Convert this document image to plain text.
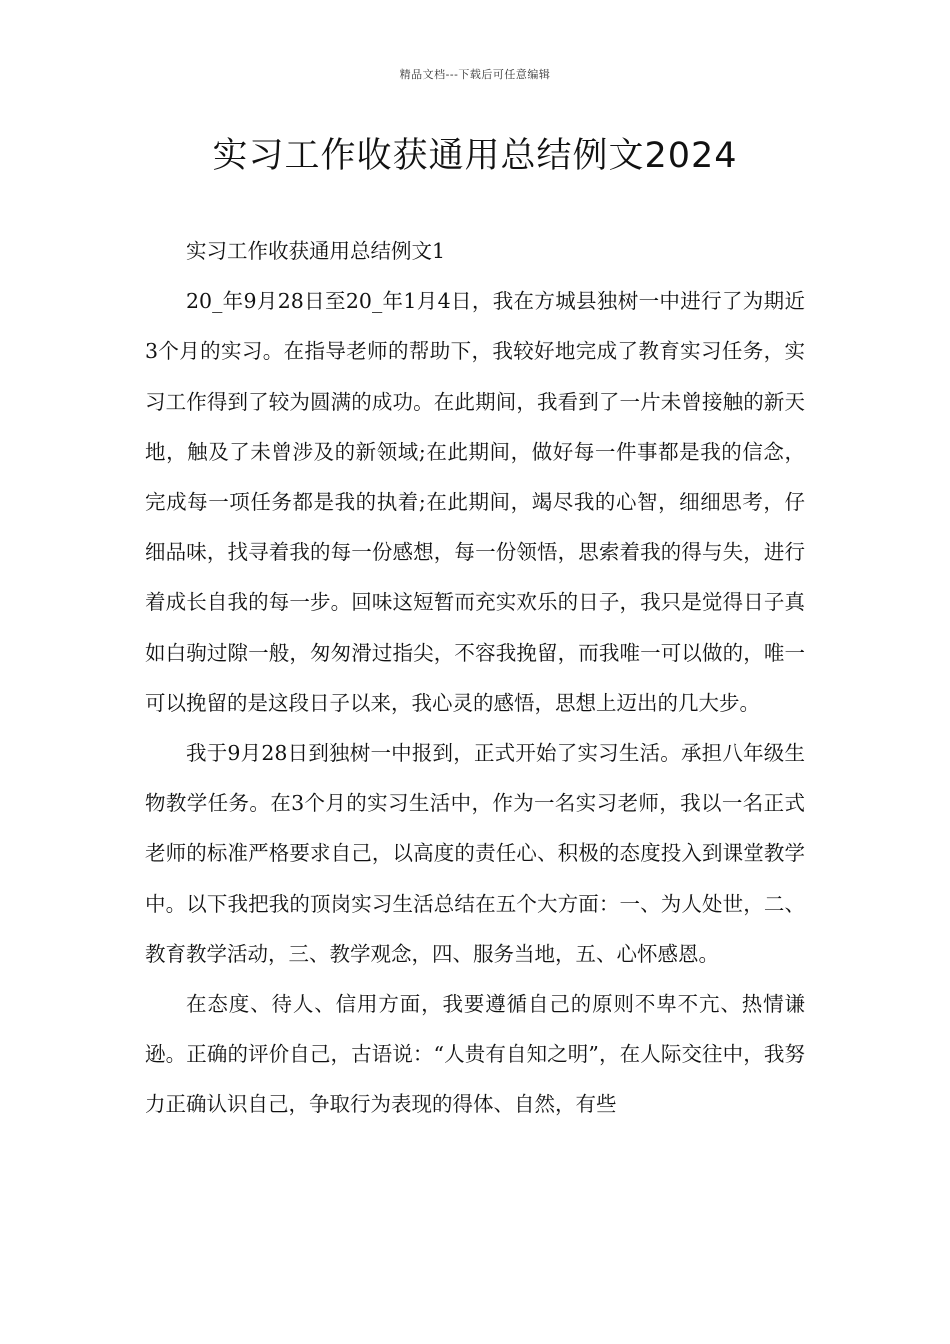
精品文档---下载后可任意编辑
实习工作收获通用总结例文2024

实习工作收获通用总结例文1

20_年9月28日至20_年1月4日，我在方城县独树一中进行了为期近3个月的实习。在指导老师的帮助下，我较好地完成了教育实习任务，实习工作得到了较为圆满的成功。在此期间，我看到了一片未曾接触的新天地，触及了未曾涉及的新领域;在此期间，做好每一件事都是我的信念，完成每一项任务都是我的执着;在此期间，竭尽我的心智，细细思考，仔细品味，找寻着我的每一份感想，每一份领悟，思索着我的得与失，进行着成长自我的每一步。回味这短暂而充实欢乐的日子，我只是觉得日子真如白驹过隙一般，匆匆滑过指尖，不容我挽留，而我唯一可以做的，唯一可以挽留的是这段日子以来，我心灵的感悟，思想上迈出的几大步。

我于9月28日到独树一中报到，正式开始了实习生活。承担八年级生物教学任务。在3个月的实习生活中，作为一名实习老师，我以一名正式老师的标准严格要求自己，以高度的责任心、积极的态度投入到课堂教学中。以下我把我的顶岗实习生活总结在五个大方面：一、为人处世，二、教育教学活动，三、教学观念，四、服务当地，五、心怀感恩。

在态度、待人、信用方面，我要遵循自己的原则不卑不亢、热情谦逊。正确的评价自己，古语说：“人贵有自知之明”，在人际交往中，我努力正确认识自己，争取行为表现的得体、自然，有些
